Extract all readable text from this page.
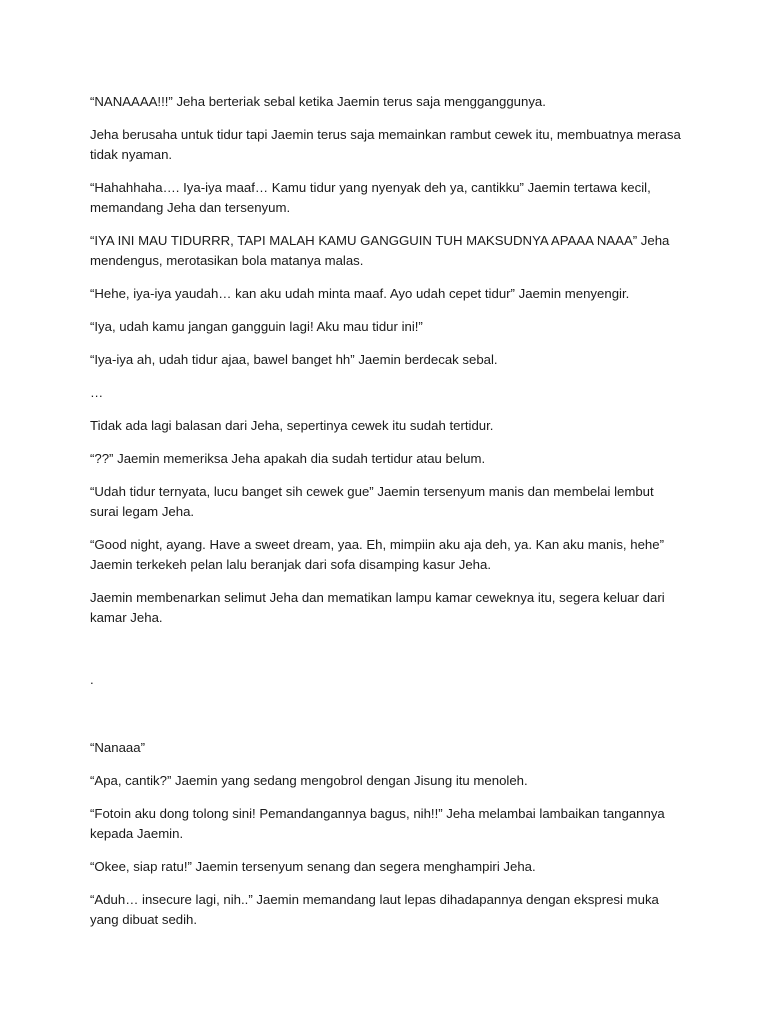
“NANAAAA!!!” Jeha berteriak sebal ketika Jaemin terus saja mengganggunya.

Jeha berusaha untuk tidur tapi Jaemin terus saja memainkan rambut cewek itu, membuatnya merasa tidak nyaman.

“Hahahhaha…. Iya-iya maaf… Kamu tidur yang nyenyak deh ya, cantikku” Jaemin tertawa kecil, memandang Jeha dan tersenyum.

“IYA INI MAU TIDURRR, TAPI MALAH KAMU GANGGUIN TUH MAKSUDNYA APAAA NAAA” Jeha mendengus, merotasikan bola matanya malas.

“Hehe, iya-iya yaudah… kan aku udah minta maaf. Ayo udah cepet tidur” Jaemin menyengir.

“Iya, udah kamu jangan gangguin lagi! Aku mau tidur ini!”

“Iya-iya ah, udah tidur ajaa, bawel banget hh” Jaemin berdecak sebal.

…

Tidak ada lagi balasan dari Jeha, sepertinya cewek itu sudah tertidur.

“??” Jaemin memeriksa Jeha apakah dia sudah tertidur atau belum.

“Udah tidur ternyata, lucu banget sih cewek gue” Jaemin tersenyum manis dan membelai lembut surai legam Jeha.

“Good night, ayang. Have a sweet dream, yaa. Eh, mimpiin aku aja deh, ya. Kan aku manis, hehe” Jaemin terkekeh pelan lalu beranjak dari sofa disamping kasur Jeha.

Jaemin membenarkan selimut Jeha dan mematikan lampu kamar ceweknya itu, segera keluar dari kamar Jeha.

.

“Nanaaa”

“Apa, cantik?” Jaemin yang sedang mengobrol dengan Jisung itu menoleh.

“Fotoin aku dong tolong sini! Pemandangannya bagus, nih!!” Jeha melambai lambaikan tangannya kepada Jaemin.

“Okee, siap ratu!” Jaemin tersenyum senang dan segera menghampiri Jeha.

“Aduh… insecure lagi, nih..” Jaemin memandang laut lepas dihadapannya dengan ekspresi muka yang dibuat sedih.
